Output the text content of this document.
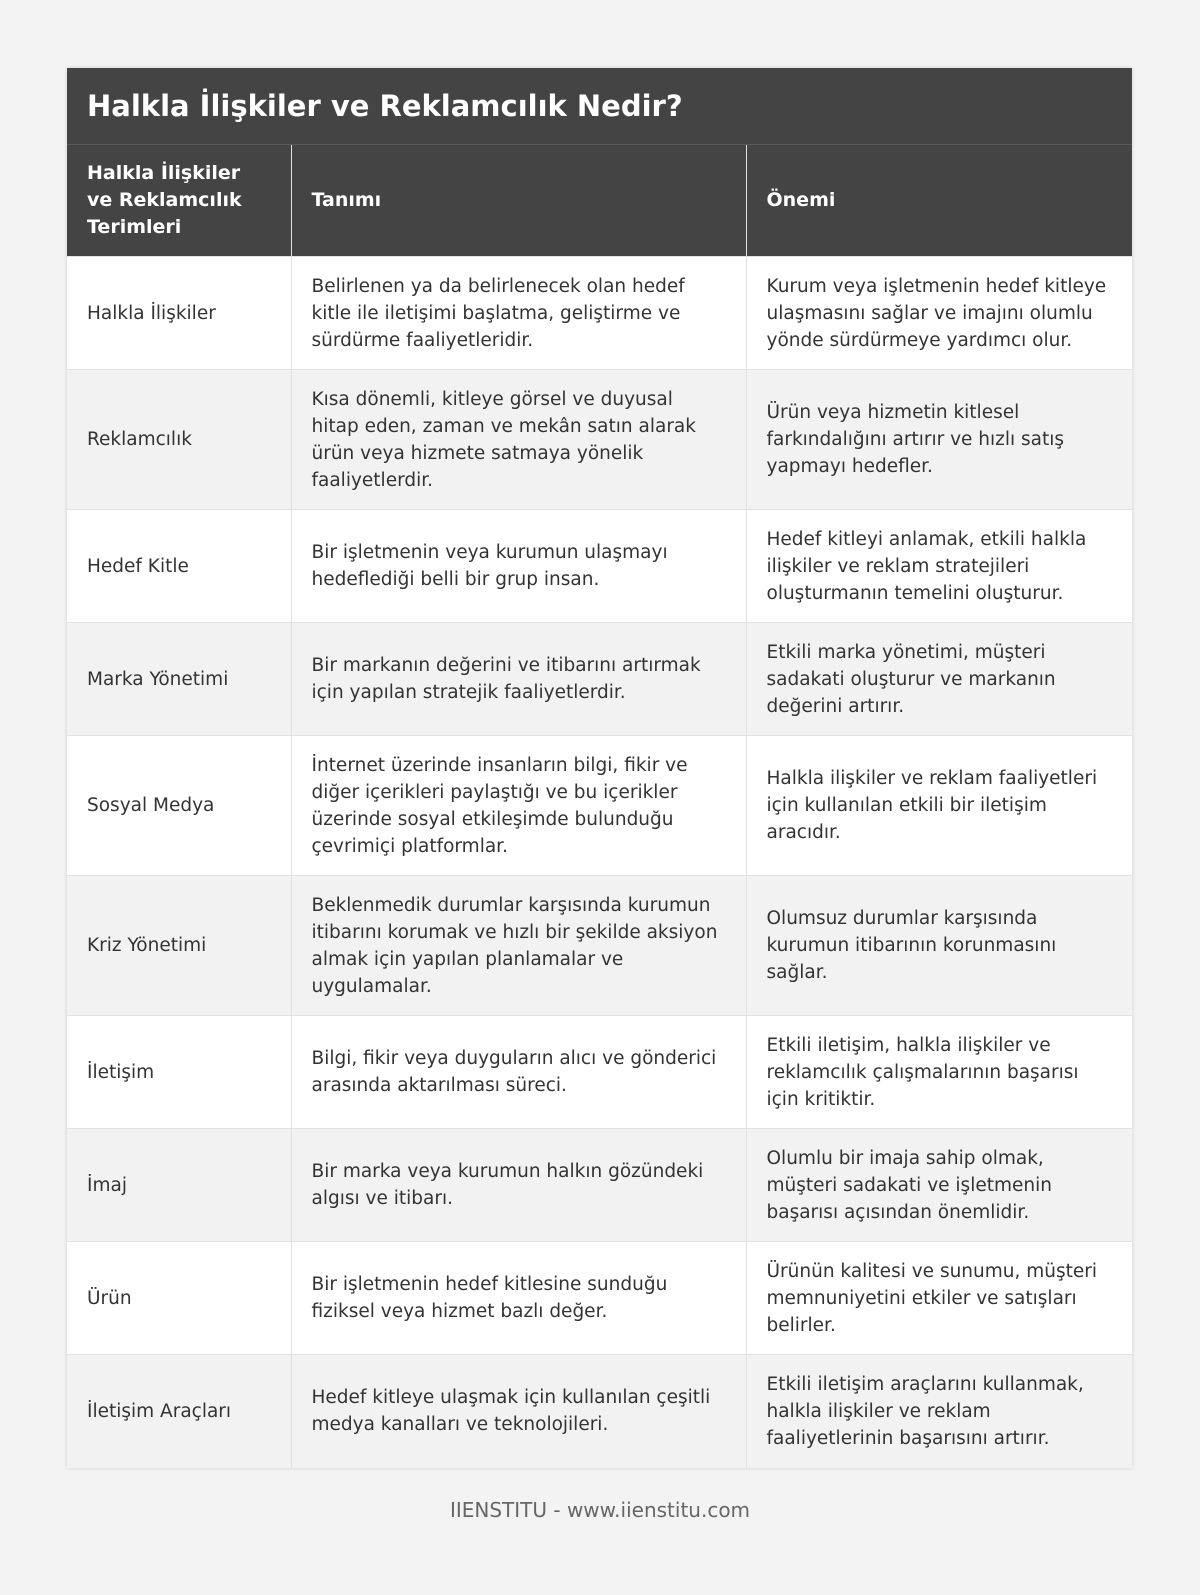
Halkla İlişkiler ve Reklamcılık Nedir?
Halkla İlişkiler ve Reklamcılık Terimleri	Tanımı	Önemi
Halkla İlişkiler	Belirlenen ya da belirlenecek olan hedef kitle ile iletişimi başlatma, geliştirme ve sürdürme faaliyetleridir.	Kurum veya işletmenin hedef kitleye ulaşmasını sağlar ve imajını olumlu yönde sürdürmeye yardımcı olur.
Reklamcılık	Kısa dönemli, kitleye görsel ve duyusal hitap eden, zaman ve mekân satın alarak ürün veya hizmete satmaya yönelik faaliyetlerdir.	Ürün veya hizmetin kitlesel farkındalığını artırır ve hızlı satış yapmayı hedefler.
Hedef Kitle	Bir işletmenin veya kurumun ulaşmayı hedeflediği belli bir grup insan.	Hedef kitleyi anlamak, etkili halkla ilişkiler ve reklam stratejileri oluşturmanın temelini oluşturur.
Marka Yönetimi	Bir markanın değerini ve itibarını artırmak için yapılan stratejik faaliyetlerdir.	Etkili marka yönetimi, müşteri sadakati oluşturur ve markanın değerini artırır.
Sosyal Medya	İnternet üzerinde insanların bilgi, fikir ve diğer içerikleri paylaştığı ve bu içerikler üzerinde sosyal etkileşimde bulunduğu çevrimiçi platformlar.	Halkla ilişkiler ve reklam faaliyetleri için kullanılan etkili bir iletişim aracıdır.
Kriz Yönetimi	Beklenmedik durumlar karşısında kurumun itibarını korumak ve hızlı bir şekilde aksiyon almak için yapılan planlamalar ve uygulamalar.	Olumsuz durumlar karşısında kurumun itibarının korunmasını sağlar.
İletişim	Bilgi, fikir veya duyguların alıcı ve gönderici arasında aktarılması süreci.	Etkili iletişim, halkla ilişkiler ve reklamcılık çalışmalarının başarısı için kritiktir.
İmaj	Bir marka veya kurumun halkın gözündeki algısı ve itibarı.	Olumlu bir imaja sahip olmak, müşteri sadakati ve işletmenin başarısı açısından önemlidir.
Ürün	Bir işletmenin hedef kitlesine sunduğu fiziksel veya hizmet bazlı değer.	Ürünün kalitesi ve sunumu, müşteri memnuniyetini etkiler ve satışları belirler.
İletişim Araçları	Hedef kitleye ulaşmak için kullanılan çeşitli medya kanalları ve teknolojileri.	Etkili iletişim araçlarını kullanmak, halkla ilişkiler ve reklam faaliyetlerinin başarısını artırır.
IIENSTITU - www.iienstitu.com
